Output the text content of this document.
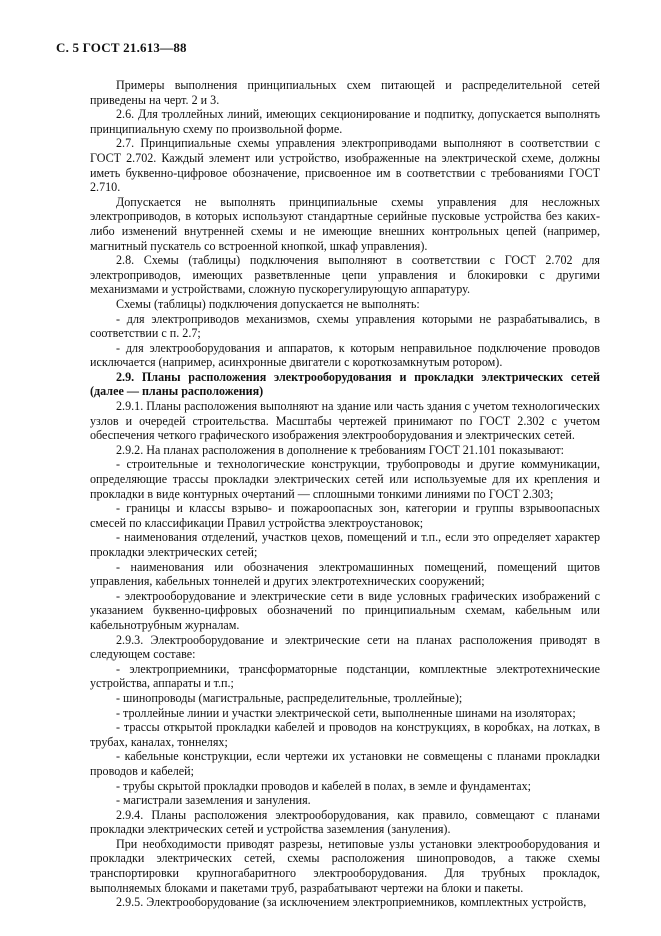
С. 5 ГОСТ 21.613—88

Примеры выполнения принципиальных схем питающей и распределительной сетей приведены на черт. 2 и 3.

2.6. Для троллейных линий, имеющих секционирование и подпитку, допускается выполнять принципиальную схему по произвольной форме.

2.7. Принципиальные схемы управления электроприводами выполняют в соответствии с ГОСТ 2.702. Каждый элемент или устройство, изображенные на электрической схеме, должны иметь буквенно-цифровое обозначение, присвоенное им в соответствии с требованиями ГОСТ 2.710.

Допускается не выполнять принципиальные схемы управления для несложных электроприводов, в которых используют стандартные серийные пусковые устройства без каких-либо изменений внутренней схемы и не имеющие внешних контрольных цепей (например, магнитный пускатель со встроенной кнопкой, шкаф управления).

2.8. Схемы (таблицы) подключения выполняют в соответствии с ГОСТ 2.702 для электроприводов, имеющих разветвленные цепи управления и блокировки с другими механизмами и устройствами, сложную пускорегулирующую аппаратуру.

Схемы (таблицы) подключения допускается не выполнять:

- для электроприводов механизмов, схемы управления которыми не разрабатывались, в соответствии с п. 2.7;

- для электрооборудования и аппаратов, к которым неправильное подключение проводов исключается (например, асинхронные двигатели с короткозамкнутым ротором).

2.9. Планы расположения электрооборудования и прокладки электрических сетей (далее — планы расположения)

2.9.1. Планы расположения выполняют на здание или часть здания с учетом технологических узлов и очередей строительства. Масштабы чертежей принимают по ГОСТ 2.302 с учетом обеспечения четкого графического изображения электрооборудования и электрических сетей.

2.9.2. На планах расположения в дополнение к требованиям ГОСТ 21.101 показывают:

- строительные и технологические конструкции, трубопроводы и другие коммуникации, определяющие трассы прокладки электрических сетей или используемые для их крепления и прокладки в виде контурных очертаний — сплошными тонкими линиями по ГОСТ 2.303;

- границы и классы взрыво- и пожароопасных зон, категории и группы взрывоопасных смесей по классификации Правил устройства электроустановок;

- наименования отделений, участков цехов, помещений и т.п., если это определяет характер прокладки электрических сетей;

- наименования или обозначения электромашинных помещений, помещений щитов управления, кабельных тоннелей и других электротехнических сооружений;

- электрооборудование и электрические сети в виде условных графических изображений с указанием буквенно-цифровых обозначений по принципиальным схемам, кабельным или кабельнотрубным журналам.

2.9.3. Электрооборудование и электрические сети на планах расположения приводят в следующем составе:

- электроприемники, трансформаторные подстанции, комплектные электротехнические устройства, аппараты и т.п.;

- шинопроводы (магистральные, распределительные, троллейные);

- троллейные линии и участки электрической сети, выполненные шинами на изоляторах;

- трассы открытой прокладки кабелей и проводов на конструкциях, в коробках, на лотках, в трубах, каналах, тоннелях;

- кабельные конструкции, если чертежи их установки не совмещены с планами прокладки проводов и кабелей;

- трубы скрытой прокладки проводов и кабелей в полах, в земле и фундаментах;

- магистрали заземления и зануления.

2.9.4. Планы расположения электрооборудования, как правило, совмещают с планами прокладки электрических сетей и устройства заземления (зануления).

При необходимости приводят разрезы, нетиповые узлы установки электрооборудования и прокладки электрических сетей, схемы расположения шинопроводов, а также схемы транспортировки крупногабаритного электрооборудования. Для трубных прокладок, выполняемых блоками и пакетами труб, разрабатывают чертежи на блоки и пакеты.

2.9.5. Электрооборудование (за исключением электроприемников, комплектных устройств,
